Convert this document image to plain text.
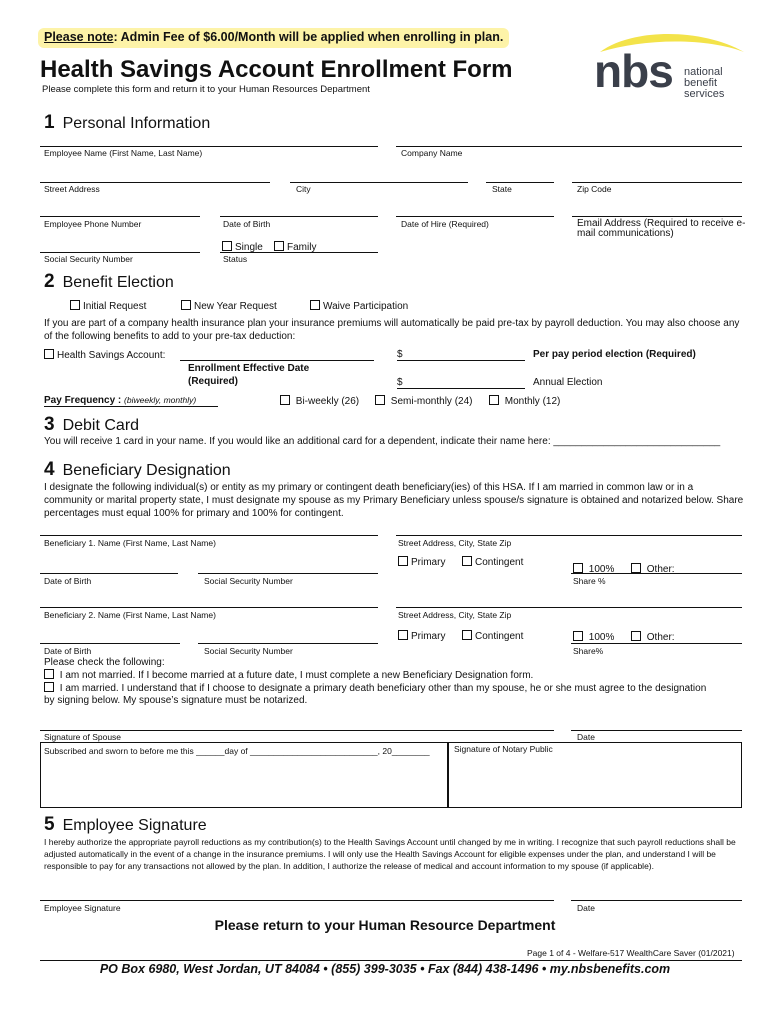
Please note: Admin Fee of $6.00/Month will be applied when enrolling in plan.
Health Savings Account Enrollment Form
Please complete this form and return it to your Human Resources Department	nbs national
benefit
services
1 Personal Information
Employee Name (First Name, Last Name)	Company Name
Street Address	City	State	Zip Code
Employee Phone Number	Date of Birth	Date of Hire (Required)	Email Address (Required to receive e-mail communications)
Single	Family
Social Security Number	Status
2 Benefit Election
Initial Request	New Year Request	Waive Participation
If you are part of a company health insurance plan your insurance premiums will automatically be paid pre-tax by payroll deduction. You may also choose any of the following benefits to add to your pre-tax deduction:
Health Savings Account:	$	Per pay period election (Required)
Enrollment Effective Date (Required)	$	Annual Election
Pay Frequency : (biweekly, monthly)	Bi-weekly (26)	Semi-monthly (24)	Monthly (12)
3 Debit Card
You will receive 1 card in your name. If you would like an additional card for a dependent, indicate their name here: ______________________________
4 Beneficiary Designation
I designate the following individual(s) or entity as my primary or contingent death beneficiary(ies) of this HSA. If I am married in common law or in a community or marital property state, I must designate my spouse as my Primary Beneficiary unless spouse/s signature is obtained and notarized below. Share percentages must equal 100% for primary and 100% for contingent.
Beneficiary 1. Name (First Name, Last Name)	Street Address, City, State Zip
Primary	Contingent
100%	Other:
Date of Birth	Social Security Number	Share %
Beneficiary 2. Name (First Name, Last Name)	Street Address, City, State Zip
Primary	Contingent	100%	Other:
Date of Birth	Social Security Number	Share%
Please check the following:
I am not married. If I become married at a future date, I must complete a new Beneficiary Designation form.
I am married. I understand that if I choose to designate a primary death beneficiary other than my spouse, he or she must agree to the designation
by signing below. My spouse’s signature must be notarized.
Signature of Spouse	Date
Subscribed and sworn to before me this ______day of ___________________________, 20________	Signature of Notary Public
5 Employee Signature
I hereby authorize the appropriate payroll reductions as my contribution(s) to the Health Savings Account until changed by me in writing. I recognize that such payroll reductions shall be adjusted automatically in the event of a change in the insurance premiums. I will only use the Health Savings Account for eligible expenses under the plan, and understand I will be responsible to pay for any transactions not allowed by the plan. In addition, I authorize the release of medical and account information to my spouse (if applicable).
Employee Signature	Date
Please return to your Human Resource Department
Page 1 of 4 - Welfare-517 WealthCare Saver (01/2021)
PO Box 6980, West Jordan, UT 84084 • (855) 399-3035 • Fax (844) 438-1496 • my.nbsbenefits.com
